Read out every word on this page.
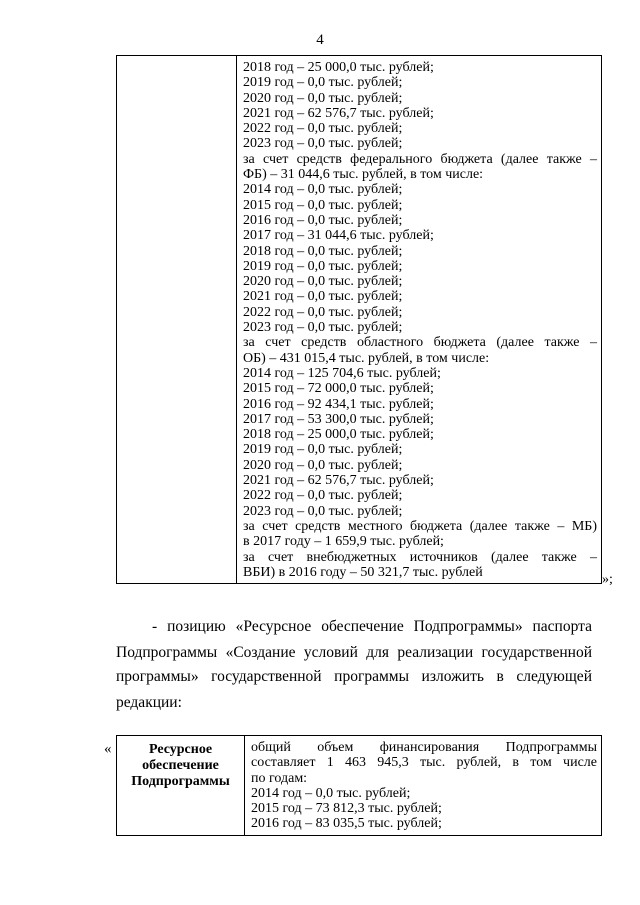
4

2018 год – 25 000,0 тыс. рублей;
2019 год – 0,0 тыс. рублей;
2020 год – 0,0 тыс. рублей;
2021 год – 62 576,7 тыс. рублей;
2022 год – 0,0 тыс. рублей;
2023 год – 0,0 тыс. рублей;
за счет средств федерального бюджета (далее также –
ФБ) – 31 044,6 тыс. рублей, в том числе:
2014 год – 0,0 тыс. рублей;
2015 год – 0,0 тыс. рублей;
2016 год – 0,0 тыс. рублей;
2017 год – 31 044,6 тыс. рублей;
2018 год – 0,0 тыс. рублей;
2019 год – 0,0 тыс. рублей;
2020 год – 0,0 тыс. рублей;
2021 год – 0,0 тыс. рублей;
2022 год – 0,0 тыс. рублей;
2023 год – 0,0 тыс. рублей;
за счет средств областного бюджета (далее также –
ОБ) – 431 015,4 тыс. рублей, в том числе:
2014 год – 125 704,6 тыс. рублей;
2015 год – 72 000,0 тыс. рублей;
2016 год – 92 434,1 тыс. рублей;
2017 год – 53 300,0 тыс. рублей;
2018 год – 25 000,0 тыс. рублей;
2019 год – 0,0 тыс. рублей;
2020 год – 0,0 тыс. рублей;
2021 год – 62 576,7 тыс. рублей;
2022 год – 0,0 тыс. рублей;
2023 год – 0,0 тыс. рублей;
за счет средств местного бюджета (далее также – МБ)
в 2017 году – 1 659,9 тыс. рублей;
за счет внебюджетных источников (далее также –
ВБИ) в 2016 году – 50 321,7 тыс. рублей	»;
- позицию «Ресурсное обеспечение Подпрограммы» паспорта
Подпрограммы «Создание условий для реализации государственной
программы» государственной программы изложить в следующей
редакции:
«	Ресурсное обеспечение Подпрограммы	
общий объем финансирования Подпрограммы
составляет 1 463 945,3 тыс. рублей, в том числе
по годам:
2014 год – 0,0 тыс. рублей;
2015 год – 73 812,3 тыс. рублей;
2016 год – 83 035,5 тыс. рублей;
